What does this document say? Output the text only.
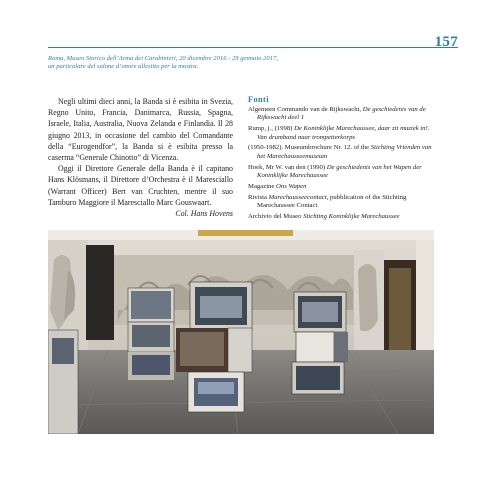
157
Roma, Museo Storico dell’Arma dei Carabinieri, 20 dicembre 2016 - 29 gennaio 2017,
un particolare del salone d’onore allestito per la mostra.

Negli ultimi dieci anni, la Banda si è esibita in Svezia, Regno Unito, Francia, Danimarca, Russia, Spagna, Israele, Italia, Australia, Nuova Zelanda e Finlandia. Il 28 giugno 2013, in occasione del cambio del Comandante della “Eurogendfor”, la Banda si è esibita presso la caserma “Generale Chinotto” di Vicenza.

Oggi il Direttore Generale della Banda è il capitano Hans Klösmans, il Direttore d’Orchestra è il Maresciallo (Warrant Officer) Bert van Cruchten, mentre il suo Tamburo Maggiore il Maresciallo Marc Gouswaart.

Col. Hans Hovens

Fonti
Algemeen Commando van de Rijkswacht, De geschiedenis van de Rijkswacht deel 1
Rump, j., (1998) De Koninklijke Marechaussee, daar zit muziek in!. Van drumband naar trompetterkorps
(1950-1982). Museumbrochure Nr. 12. of the Stichting Vrienden van het Marechausseemuseum
Hoek, Mr W. van den (1990) De geschiedenis van het Wapen der Koninklijke Marechaussee
Magazine Ons Wapen
Rivista Marechausseecontact, pubblication of the Stichting Marechaussee Contact
Archivio del Museo Stichting Koninklijke Marechaussee
